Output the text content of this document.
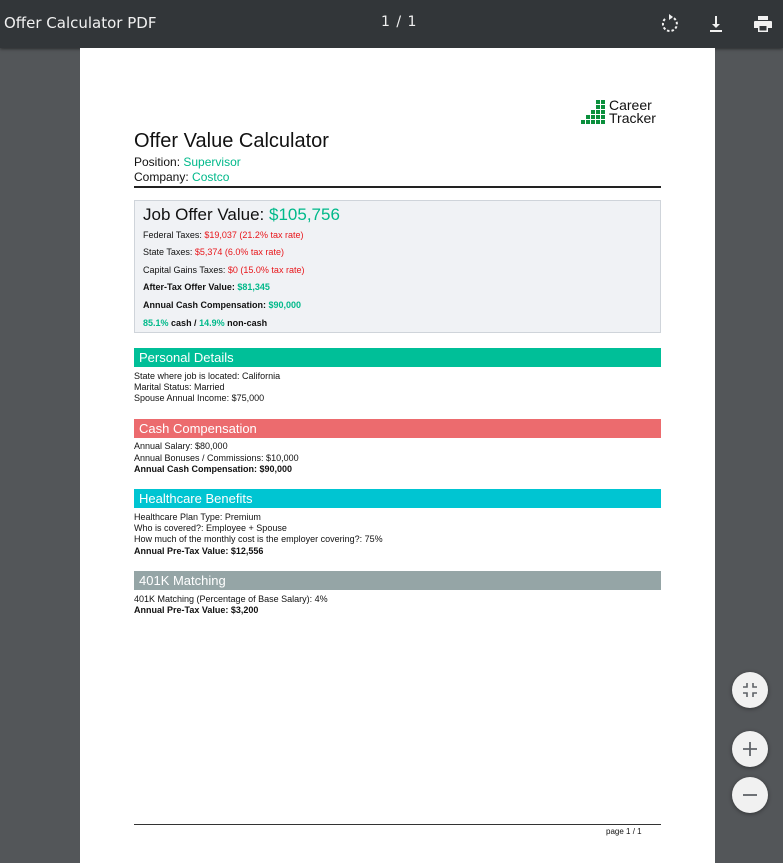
Offer Calculator PDF	1 / 1
Career
Tracker
Offer Value Calculator
Position: Supervisor
Company: Costco
Job Offer Value: $105,756
Federal Taxes: $19,037 (21.2% tax rate)
State Taxes: $5,374 (6.0% tax rate)
Capital Gains Taxes: $0 (15.0% tax rate)
After-Tax Offer Value: $81,345
Annual Cash Compensation: $90,000
85.1% cash / 14.9% non-cash
Personal Details
State where job is located: California
Marital Status: Married
Spouse Annual Income: $75,000
Cash Compensation
Annual Salary: $80,000
Annual Bonuses / Commissions: $10,000
Annual Cash Compensation: $90,000
Healthcare Benefits
Healthcare Plan Type: Premium
Who is covered?: Employee + Spouse
How much of the monthly cost is the employer covering?: 75%
Annual Pre-Tax Value: $12,556
401K Matching
401K Matching (Percentage of Base Salary): 4%
Annual Pre-Tax Value: $3,200
page 1 / 1
